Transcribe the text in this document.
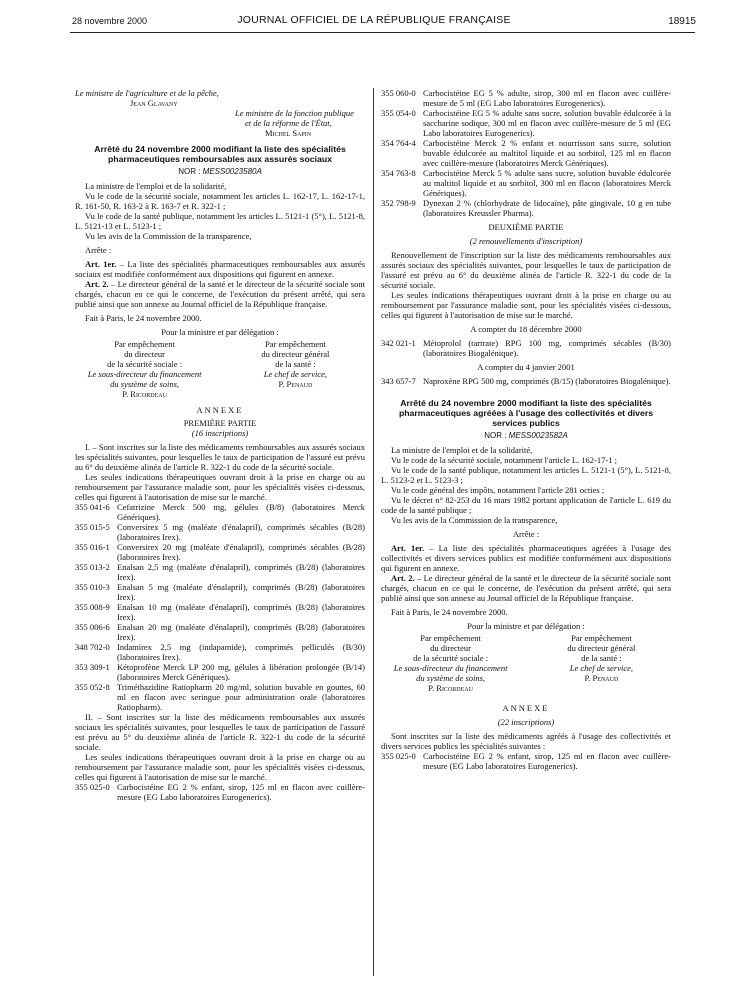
28 novembre 2000	JOURNAL OFFICIEL DE LA RÉPUBLIQUE FRANÇAISE	18915

Le ministre de l'agriculture et de la pêche,

Jean Glavany

Le ministre de la fonction publique

et de la réforme de l'État,

Michel Sapin

Arrêté du 24 novembre 2000 modifiant la liste des spécialités pharmaceutiques remboursables aux assurés sociaux

NOR : MESS0023580A

La ministre de l'emploi et de la solidarité,

Vu le code de la sécurité sociale, notamment les articles L. 162-17, L. 162-17-1, R. 161-50, R. 163-2 à R. 163-7 et R. 322-1 ;

Vu le code de la santé publique, notamment les articles L. 5121-1 (5°), L. 5121-8, L. 5121-13 et L. 5123-1 ;

Vu les avis de la Commission de la transparence,

Arrête :

Art. 1er. – La liste des spécialités pharmaceutiques remboursables aux assurés sociaux est modifiée conformément aux dispositions qui figurent en annexe.

Art. 2. – Le directeur général de la santé et le directeur de la sécurité sociale sont chargés, chacun en ce qui le concerne, de l'exécution du présent arrêté, qui sera publié ainsi que son annexe au Journal officiel de la République française.

Fait à Paris, le 24 novembre 2000.

Pour la ministre et par délégation :

Par empêchement
du directeur
de la sécurité sociale :
Le sous-directeur du financement
du système de soins,
P. Ricordeau
Par empêchement
du directeur général
de la santé :
Le chef de service,
P. Penaud

ANNEXE

PREMIÈRE PARTIE

(16 inscriptions)

I. – Sont inscrites sur la liste des médicaments remboursables aux assurés sociaux les spécialités suivantes, pour lesquelles le taux de participation de l'assuré est prévu au 6° du deuxième alinéa de l'article R. 322-1 du code de la sécurité sociale.

Les seules indications thérapeutiques ouvrant droit à la prise en charge ou au remboursement par l'assurance maladie sont, pour les spécialités visées ci-dessous, celles qui figurent à l'autorisation de mise sur le marché.

355 041-6 Cefatrizine Merck 500 mg, gélules (B/8) (laboratoires Merck Génériques).
355 015-5 Conversirex 5 mg (maléate d'énalapril), comprimés sécables (B/28) (laboratoires Irex).
355 016-1 Conversirex 20 mg (maléate d'énalapril), comprimés sécables (B/28) (laboratoires Irex).
355 013-2 Enalsan 2,5 mg (maléate d'énalapril), comprimés (B/28) (laboratoires Irex).
355 010-3 Enalsan 5 mg (maléate d'énalapril), comprimés (B/28) (laboratoires Irex).
355 008-9 Enalsan 10 mg (maléate d'énalapril), comprimés (B/28) (laboratoires Irex).
355 006-6 Enalsan 20 mg (maléate d'énalapril), comprimés (B/28) (laboratoires Irex).
348 702-0 Indamirex 2,5 mg (indapamide), comprimés pelliculés (B/30) (laboratoires Irex).
353 309-1 Kétoprofène Merck LP 200 mg, gélules à libération prolongée (B/14) (laboratoires Merck Génériques).
355 052-8 Triméthazidine Ratiopharm 20 mg/ml, solution buvable en gouttes, 60 ml en flacon avec seringue pour administration orale (laboratoires Ratiopharm).

II. – Sont inscrites sur la liste des médicaments remboursables aux assurés sociaux les spécialités suivantes, pour lesquelles le taux de participation de l'assuré est prévu au 5° du deuxième alinéa de l'article R. 322-1 du code de la sécurité sociale.

Les seules indications thérapeutiques ouvrant droit à la prise en charge ou au remboursement par l'assurance maladie sont, pour les spécialités visées ci-dessous, celles qui figurent à l'autorisation de mise sur le marché.

355 025-0 Carbocistéine EG 2 % enfant, sirop, 125 ml en flacon avec cuillère-mesure (EG Labo laboratoires Eurogenerics).
355 060-0 Carbocistéine EG 5 % adulte, sirop, 300 ml en flacon avec cuillère-mesure de 5 ml (EG Labo laboratoires Eurogenerics).
355 054-0 Carbocistéine EG 5 % adulte sans sucre, solution buvable édulcorée à la saccharine sodique, 300 ml en flacon avec cuillère-mesure de 5 ml (EG Labo laboratoires Eurogenerics).
354 764-4 Carbocistéine Merck 2 % enfant et nourrisson sans sucre, solution buvable édulcorée au maltitol liquide et au sorbitol, 125 ml en flacon avec cuillère-mesure (laboratoires Merck Génériques).
354 763-8 Carbocistéine Merck 5 % adulte sans sucre, solution buvable édulcorée au maltitol liquide et au sorbitol, 300 ml en flacon (laboratoires Merck Génériques).
352 798-9 Dynexan 2 % (chlorhydrate de lidocaïne), pâte gingivale, 10 g en tube (laboratoires Kreussler Pharma).

DEUXIÈME PARTIE

(2 renouvellements d'inscription)

Renouvellement de l'inscription sur la liste des médicaments remboursables aux assurés sociaux des spécialités suivantes, pour lesquelles le taux de participation de l'assuré est prévu au 6° du deuxième alinéa de l'article R. 322-1 du code de la sécurité sociale.

Les seules indications thérapeutiques ouvrant droit à la prise en charge ou au remboursement par l'assurance maladie sont, pour les spécialités visées ci-dessous, celles qui figurent à l'autorisation de mise sur le marché.

A compter du 18 décembre 2000

342 021-1 Métoprolol (tartrate) RPG 100 mg, comprimés sécables (B/30) (laboratoires Biogalénique).

A compter du 4 janvier 2001

343 657-7 Naproxène RPG 500 mg, comprimés (B/15) (laboratoires Biogalénique).

Arrêté du 24 novembre 2000 modifiant la liste des spécialités pharmaceutiques agréées à l'usage des collectivités et divers services publics

NOR : MESS0023582A

La ministre de l'emploi et de la solidarité,

Vu le code de la sécurité sociale, notamment l'article L. 162-17-1 ;

Vu le code de la santé publique, notamment les articles L. 5121-1 (5°), L. 5121-8, L. 5123-2 et L. 5123-3 ;

Vu le code général des impôts, notamment l'article 281 octies ;

Vu le décret n° 82-253 du 16 mars 1982 portant application de l'article L. 619 du code de la santé publique ;

Vu les avis de la Commission de la transparence,

Arrête :

Art. 1er. – La liste des spécialités pharmaceutiques agréées à l'usage des collectivités et divers services publics est modifiée conformément aux dispositions qui figurent en annexe.

Art. 2. – Le directeur général de la santé et le directeur de la sécurité sociale sont chargés, chacun en ce qui le concerne, de l'exécution du présent arrêté, qui sera publié ainsi que son annexe au Journal officiel de la République française.

Fait à Paris, le 24 novembre 2000.

Pour la ministre et par délégation :

Par empêchement
du directeur
de la sécurité sociale :
Le sous-directeur du financement
du système de soins,
P. Ricordeau
Par empêchement
du directeur général
de la santé :
Le chef de service,
P. Penaud

ANNEXE

(22 inscriptions)

Sont inscrites sur la liste des médicaments agréés à l'usage des collectivités et divers services publics les spécialités suivantes :

355 025-0 Carbocistéine EG 2 % enfant, sirop, 125 ml en flacon avec cuillère-mesure (EG Labo laboratoires Eurogenerics).
